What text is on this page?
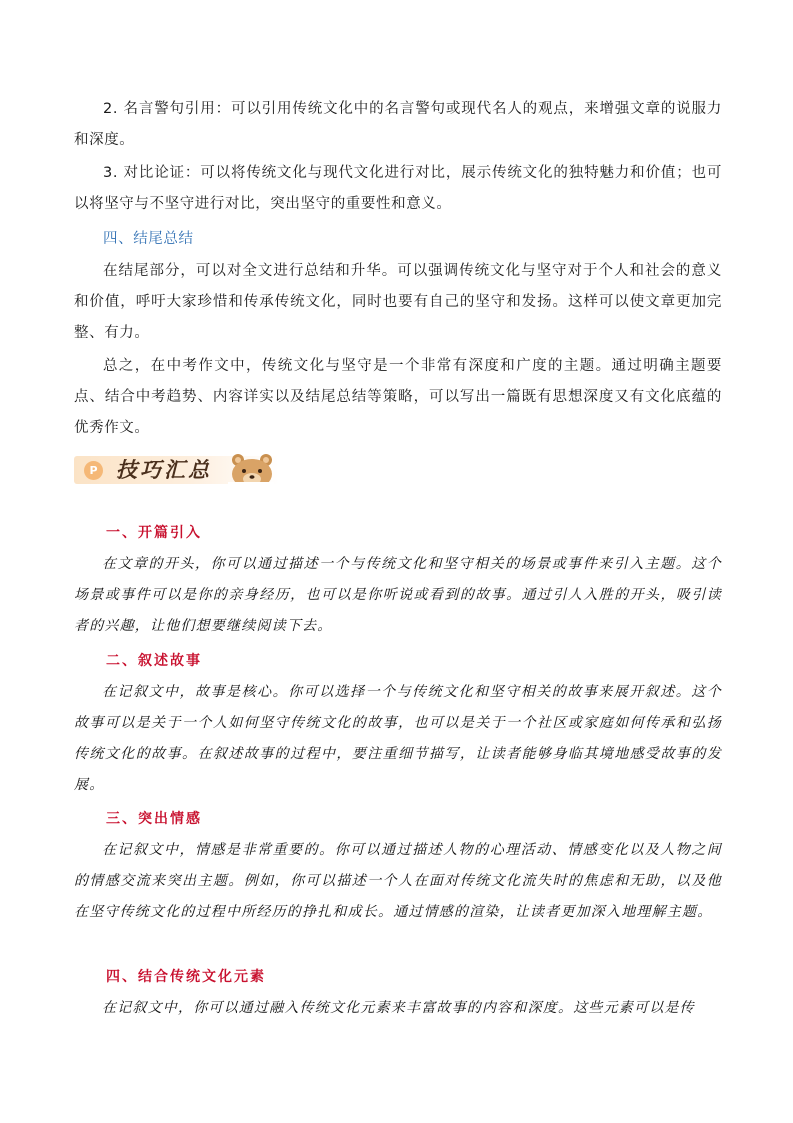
2. 名言警句引用：可以引用传统文化中的名言警句或现代名人的观点，来增强文章的说服力和深度。

3. 对比论证：可以将传统文化与现代文化进行对比，展示传统文化的独特魅力和价值；也可以将坚守与不坚守进行对比，突出坚守的重要性和意义。

四、结尾总结

在结尾部分，可以对全文进行总结和升华。可以强调传统文化与坚守对于个人和社会的意义和价值，呼吁大家珍惜和传承传统文化，同时也要有自己的坚守和发扬。这样可以使文章更加完整、有力。

总之，在中考作文中，传统文化与坚守是一个非常有深度和广度的主题。通过明确主题要点、结合中考趋势、内容详实以及结尾总结等策略，可以写出一篇既有思想深度又有文化底蕴的优秀作文。

P 技巧汇总

一、开篇引入

在文章的开头，你可以通过描述一个与传统文化和坚守相关的场景或事件来引入主题。这个场景或事件可以是你的亲身经历，也可以是你听说或看到的故事。通过引人入胜的开头，吸引读者的兴趣，让他们想要继续阅读下去。

二、叙述故事

在记叙文中，故事是核心。你可以选择一个与传统文化和坚守相关的故事来展开叙述。这个故事可以是关于一个人如何坚守传统文化的故事，也可以是关于一个社区或家庭如何传承和弘扬传统文化的故事。在叙述故事的过程中，要注重细节描写，让读者能够身临其境地感受故事的发展。

三、突出情感

在记叙文中，情感是非常重要的。你可以通过描述人物的心理活动、情感变化以及人物之间的情感交流来突出主题。例如，你可以描述一个人在面对传统文化流失时的焦虑和无助，以及他在坚守传统文化的过程中所经历的挣扎和成长。通过情感的渲染，让读者更加深入地理解主题。

四、结合传统文化元素

在记叙文中，你可以通过融入传统文化元素来丰富故事的内容和深度。这些元素可以是传
